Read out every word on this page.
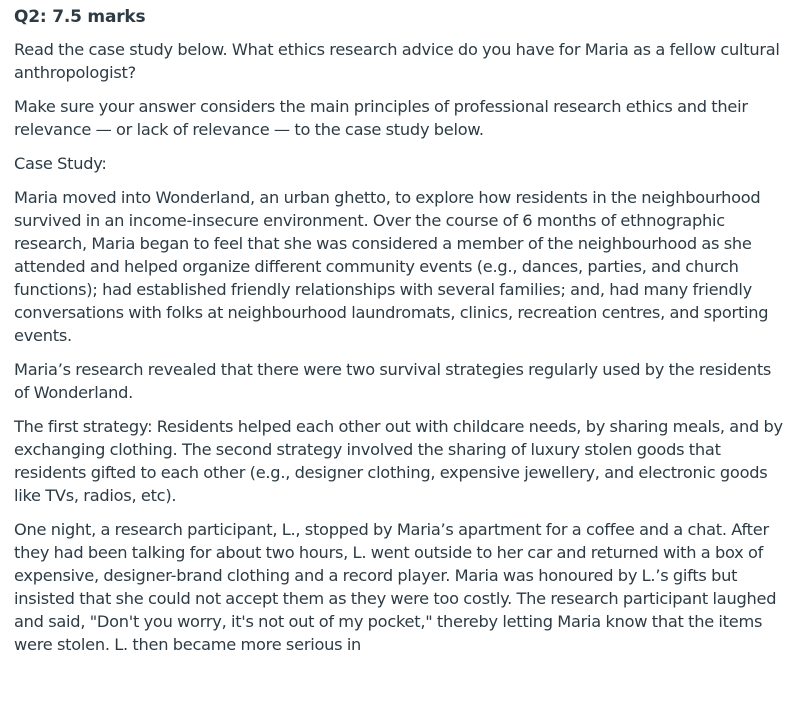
Q2: 7.5 marks

Read the case study below. What ethics research advice do you have for Maria as a fellow cultural anthropologist?

Make sure your answer considers the main principles of professional research ethics and their relevance — or lack of relevance — to the case study below.

Case Study:

Maria moved into Wonderland, an urban ghetto, to explore how residents in the neighbourhood survived in an income-insecure environment. Over the course of 6 months of ethnographic research, Maria began to feel that she was considered a member of the neighbourhood as she attended and helped organize different community events (e.g., dances, parties, and church functions); had established friendly relationships with several families; and, had many friendly conversations with folks at neighbourhood laundromats, clinics, recreation centres, and sporting events.

Maria’s research revealed that there were two survival strategies regularly used by the residents of Wonderland.

The first strategy: Residents helped each other out with childcare needs, by sharing meals, and by exchanging clothing. The second strategy involved the sharing of luxury stolen goods that residents gifted to each other (e.g., designer clothing, expensive jewellery, and electronic goods like TVs, radios, etc).

One night, a research participant, L., stopped by Maria’s apartment for a coffee and a chat. After they had been talking for about two hours, L. went outside to her car and returned with a box of expensive, designer-brand clothing and a record player. Maria was honoured by L.’s gifts but insisted that she could not accept them as they were too costly. The research participant laughed and said, "Don't you worry, it's not out of my pocket," thereby letting Maria know that the items were stolen. L. then became more serious in
